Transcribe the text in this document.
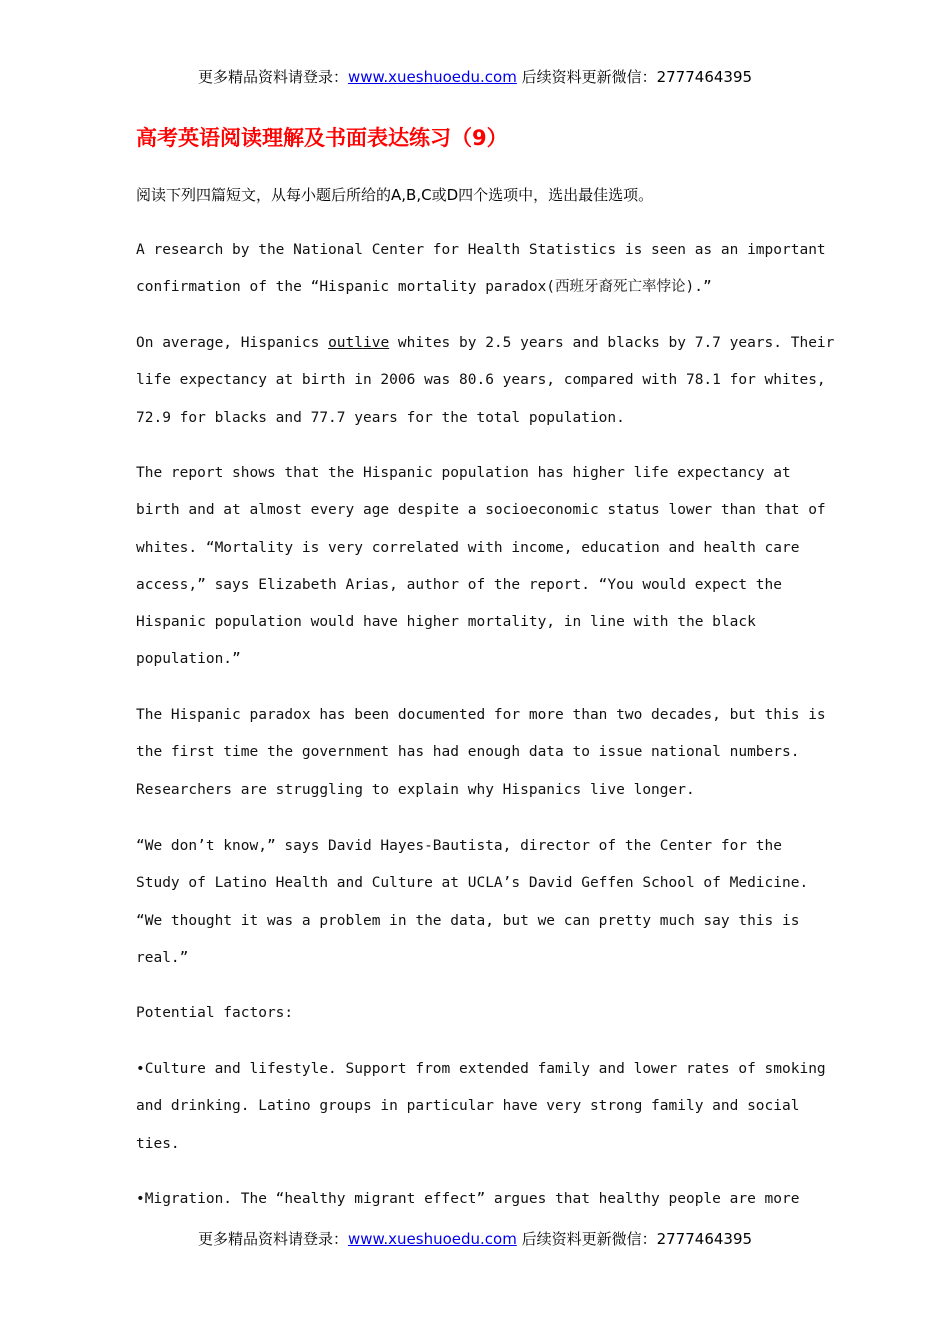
更多精品资料请登录：www.xueshuoedu.com 后续资料更新微信：2777464395
高考英语阅读理解及书面表达练习（9）

阅读下列四篇短文，从每小题后所给的A,B,C或D四个选项中，选出最佳选项。

A research by the National Center for Health Statistics is seen as an important

confirmation of the “Hispanic mortality paradox(西班牙裔死亡率悖论).”

On average, Hispanics outlive whites by 2.5 years and blacks by 7.7 years. Their

life expectancy at birth in 2006 was 80.6 years, compared with 78.1 for whites,

72.9 for blacks and 77.7 years for the total population.

The report shows that the Hispanic population has higher life expectancy at

birth and at almost every age despite a socioeconomic status lower than that of

whites. “Mortality is very correlated with income, education and health care

access,” says Elizabeth Arias, author of the report. “You would expect the

Hispanic population would have higher mortality, in line with the black

population.”

The Hispanic paradox has been documented for more than two decades, but this is

the first time the government has had enough data to issue national numbers.

Researchers are struggling to explain why Hispanics live longer.

“We don’t know,” says David Hayes-Bautista, director of the Center for the

Study of Latino Health and Culture at UCLA’s David Geffen School of Medicine.

“We thought it was a problem in the data, but we can pretty much say this is

real.”

Potential factors:

•Culture and lifestyle. Support from extended family and lower rates of smoking

and drinking. Latino groups in particular have very strong family and social

ties.

•Migration. The “healthy migrant effect” argues that healthy people are more

更多精品资料请登录：www.xueshuoedu.com 后续资料更新微信：2777464395
